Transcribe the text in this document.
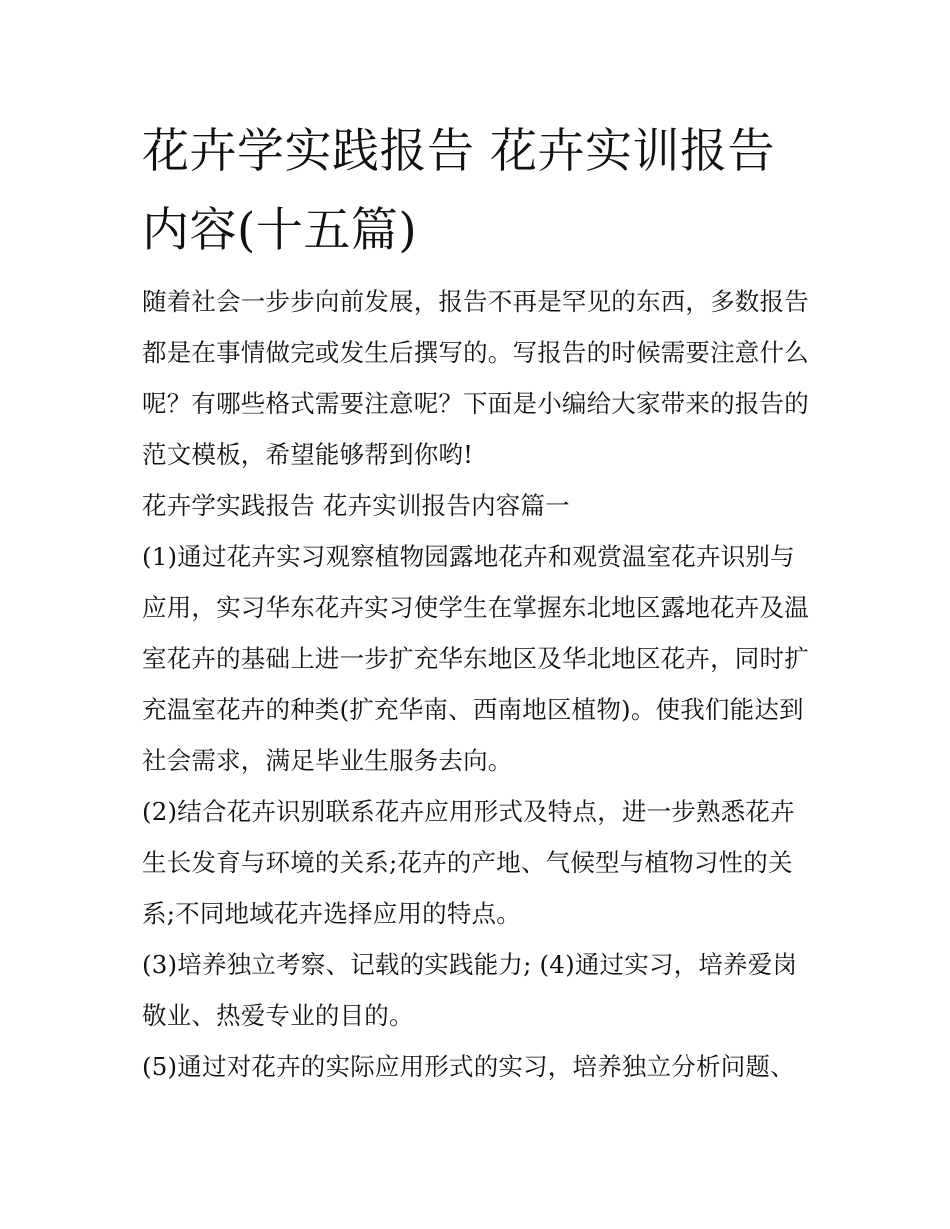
花卉学实践报告 花卉实训报告内容(十五篇)

随着社会一步步向前发展，报告不再是罕见的东西，多数报告都是在事情做完或发生后撰写的。写报告的时候需要注意什么呢？有哪些格式需要注意呢？下面是小编给大家带来的报告的范文模板，希望能够帮到你哟!

花卉学实践报告 花卉实训报告内容篇一

(1)通过花卉实习观察植物园露地花卉和观赏温室花卉识别与应用，实习华东花卉实习使学生在掌握东北地区露地花卉及温室花卉的基础上进一步扩充华东地区及华北地区花卉，同时扩充温室花卉的种类(扩充华南、西南地区植物)。使我们能达到社会需求，满足毕业生服务去向。

(2)结合花卉识别联系花卉应用形式及特点，进一步熟悉花卉生长发育与环境的关系;花卉的产地、气候型与植物习性的关系;不同地域花卉选择应用的特点。

(3)培养独立考察、记载的实践能力; (4)通过实习，培养爱岗敬业、热爱专业的目的。

(5)通过对花卉的实际应用形式的实习，培养独立分析问题、
